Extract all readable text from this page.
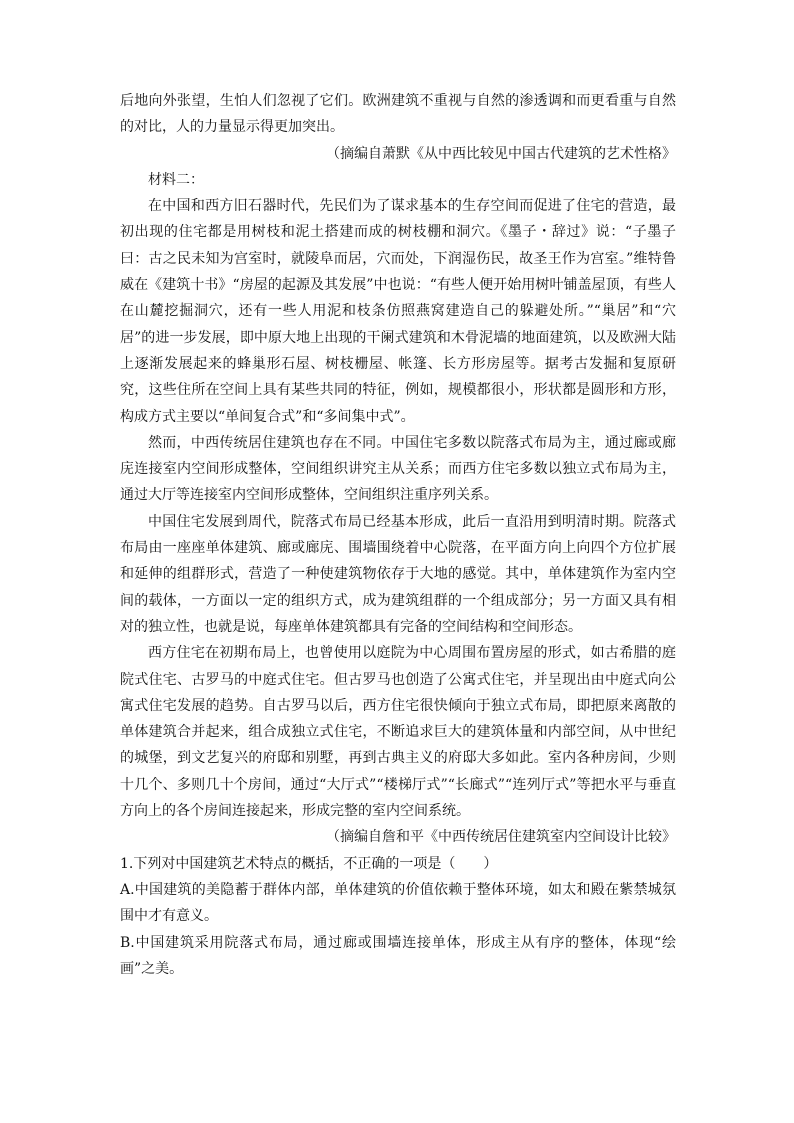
后地向外张望，生怕人们忽视了它们。欧洲建筑不重视与自然的渗透调和而更看重与自然的对比，人的力量显示得更加突出。

（摘编自萧默《从中西比较见中国古代建筑的艺术性格》

材料二：

在中国和西方旧石器时代，先民们为了谋求基本的生存空间而促进了住宅的营造，最初出现的住宅都是用树枝和泥土搭建而成的树枝棚和洞穴。《墨子・辞过》说：“子墨子曰：古之民未知为宫室时，就陵阜而居，穴而处，下润湿伤民，故圣王作为宫室。”维特鲁威在《建筑十书》“房屋的起源及其发展”中也说：“有些人便开始用树叶铺盖屋顶，有些人在山麓挖掘洞穴，还有一些人用泥和枝条仿照燕窝建造自己的躲避处所。”“巢居”和“穴居”的进一步发展，即中原大地上出现的干阑式建筑和木骨泥墙的地面建筑，以及欧洲大陆上逐渐发展起来的蜂巢形石屋、树枝栅屋、帐篷、长方形房屋等。据考古发掘和复原研究，这些住所在空间上具有某些共同的特征，例如，规模都很小，形状都是圆形和方形，构成方式主要以“单间复合式”和“多间集中式”。

然而，中西传统居住建筑也存在不同。中国住宅多数以院落式布局为主，通过廊或廊庑连接室内空间形成整体，空间组织讲究主从关系；而西方住宅多数以独立式布局为主，通过大厅等连接室内空间形成整体，空间组织注重序列关系。

中国住宅发展到周代，院落式布局已经基本形成，此后一直沿用到明清时期。院落式布局由一座座单体建筑、廊或廊庑、围墙围绕着中心院落，在平面方向上向四个方位扩展和延伸的组群形式，营造了一种使建筑物依存于大地的感觉。其中，单体建筑作为室内空间的载体，一方面以一定的组织方式，成为建筑组群的一个组成部分；另一方面又具有相对的独立性，也就是说，每座单体建筑都具有完备的空间结构和空间形态。

西方住宅在初期布局上，也曾使用以庭院为中心周围布置房屋的形式，如古希腊的庭院式住宅、古罗马的中庭式住宅。但古罗马也创造了公寓式住宅，并呈现出由中庭式向公寓式住宅发展的趋势。自古罗马以后，西方住宅很快倾向于独立式布局，即把原来离散的单体建筑合并起来，组合成独立式住宅，不断追求巨大的建筑体量和内部空间，从中世纪的城堡，到文艺复兴的府邸和别墅，再到古典主义的府邸大多如此。室内各种房间，少则十几个、多则几十个房间，通过“大厅式”“楼梯厅式”“长廊式”“连列厅式”等把水平与垂直方向上的各个房间连接起来，形成完整的室内空间系统。

（摘编自詹和平《中西传统居住建筑室内空间设计比较》

1.下列对中国建筑艺术特点的概括，不正确的一项是（　　）

A.中国建筑的美隐蓄于群体内部，单体建筑的价值依赖于整体环境，如太和殿在紫禁城氛围中才有意义。

B.中国建筑采用院落式布局，通过廊或围墙连接单体，形成主从有序的整体，体现“绘画”之美。
